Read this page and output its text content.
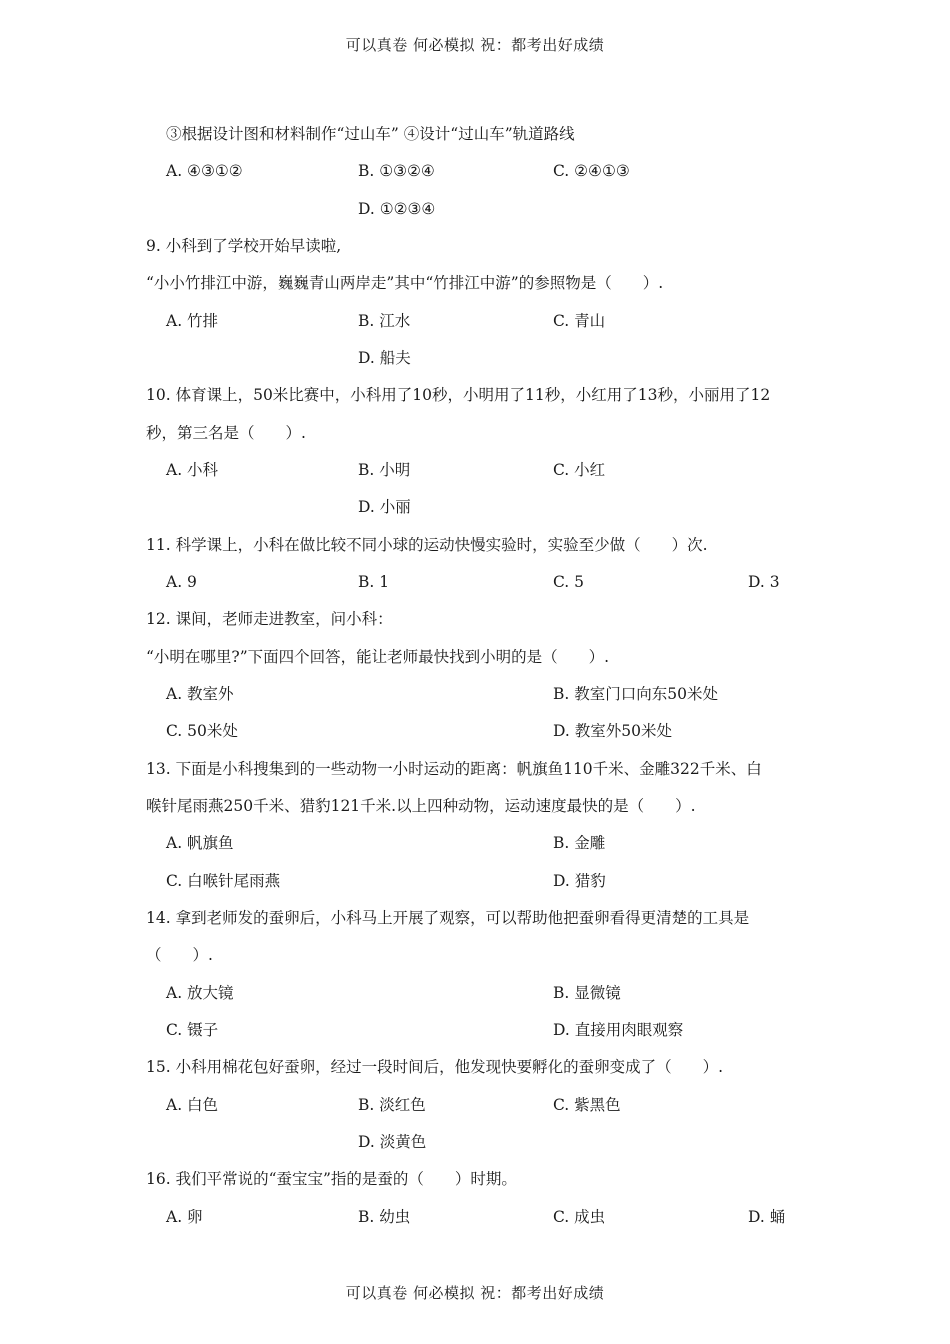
可以真卷 何必模拟 祝：都考出好成绩
③根据设计图和材料制作“过山车” ④设计“过山车”轨道路线
A. ④③①②	B. ①③②④	C. ②④①③
D. ①②③④
9. 小科到了学校开始早读啦,
“小小竹排江中游，巍巍青山两岸走”其中“竹排江中游”的参照物是（　　）.
A. 竹排	B. 江水	C. 青山
D. 船夫
10. 体育课上，50米比赛中，小科用了10秒，小明用了11秒，小红用了13秒，小丽用了12
秒，第三名是（　　）.
A. 小科	B. 小明	C. 小红
D. 小丽
11. 科学课上，小科在做比较不同小球的运动快慢实验时，实验至少做（　　）次.
A. 9	B. 1	C. 5	D. 3
12. 课间，老师走进教室，问小科：
“小明在哪里?”下面四个回答，能让老师最快找到小明的是（　　）.
A. 教室外	B. 教室门口向东50米处
C. 50米处	D. 教室外50米处
13. 下面是小科搜集到的一些动物一小时运动的距离：帆旗鱼110千米、金雕322千米、白
喉针尾雨燕250千米、猎豹121千米.以上四种动物，运动速度最快的是（　　）.
A. 帆旗鱼	B. 金雕
C. 白喉针尾雨燕	D. 猎豹
14. 拿到老师发的蚕卵后，小科马上开展了观察，可以帮助他把蚕卵看得更清楚的工具是
（　　）.
A. 放大镜	B. 显微镜
C. 镊子	D. 直接用肉眼观察
15. 小科用棉花包好蚕卵，经过一段时间后，他发现快要孵化的蚕卵变成了（　　）.
A. 白色	B. 淡红色	C. 紫黑色
D. 淡黄色
16. 我们平常说的“蚕宝宝”指的是蚕的（　　）时期。
A. 卵	B. 幼虫	C. 成虫	D. 蛹
可以真卷 何必模拟 祝：都考出好成绩
